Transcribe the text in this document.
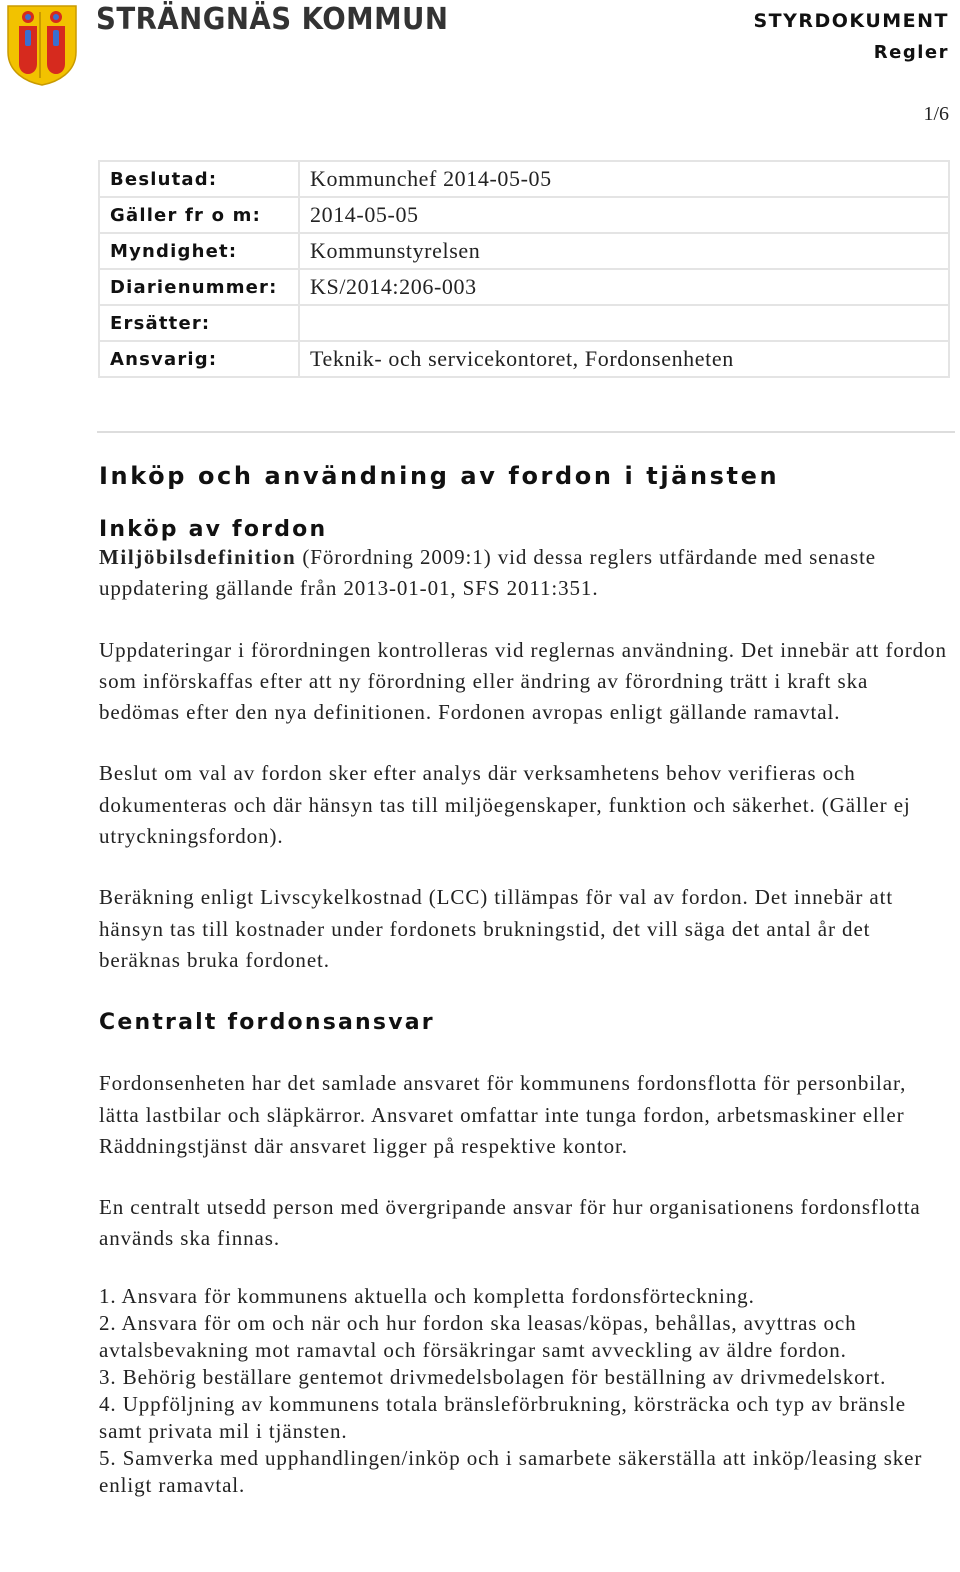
STRÄNGNÄS KOMMUN	STYRDOKUMENT
Regler
1/6
Beslutad:	Kommunchef 2014-05-05
Gäller fr o m:	2014-05-05
Myndighet:	Kommunstyrelsen
Diarienummer:	KS/2014:206-003
Ersätter:	
Ansvarig:	Teknik- och servicekontoret, Fordonsenheten
Inköp och användning av fordon i tjänsten
Inköp av fordon

Miljöbilsdefinition (Förordning 2009:1) vid dessa reglers utfärdande med senaste uppdatering gällande från 2013-01-01, SFS 2011:351.

Uppdateringar i förordningen kontrolleras vid reglernas användning. Det innebär att fordon som införskaffas efter att ny förordning eller ändring av förordning trätt i kraft ska bedömas efter den nya definitionen. Fordonen avropas enligt gällande ramavtal.

Beslut om val av fordon sker efter analys där verksamhetens behov verifieras och dokumenteras och där hänsyn tas till miljöegenskaper, funktion och säkerhet. (Gäller ej utryckningsfordon).

Beräkning enligt Livscykelkostnad (LCC) tillämpas för val av fordon. Det innebär att hänsyn tas till kostnader under fordonets brukningstid, det vill säga det antal år det beräknas bruka fordonet.

Centralt fordonsansvar

Fordonsenheten har det samlade ansvaret för kommunens fordonsflotta för personbilar, lätta lastbilar och släpkärror. Ansvaret omfattar inte tunga fordon, arbetsmaskiner eller Räddningstjänst där ansvaret ligger på respektive kontor.

En centralt utsedd person med övergripande ansvar för hur organisationens fordonsflotta används ska finnas.

1. Ansvara för kommunens aktuella och kompletta fordonsförteckning.

2. Ansvara för om och när och hur fordon ska leasas/köpas, behållas, avyttras och avtalsbevakning mot ramavtal och försäkringar samt avveckling av äldre fordon.

3. Behörig beställare gentemot drivmedelsbolagen för beställning av drivmedelskort.

4. Uppföljning av kommunens totala bränsleförbrukning, körsträcka och typ av bränsle samt privata mil i tjänsten.

5. Samverka med upphandlingen/inköp och i samarbete säkerställa att inköp/leasing sker enligt ramavtal.
